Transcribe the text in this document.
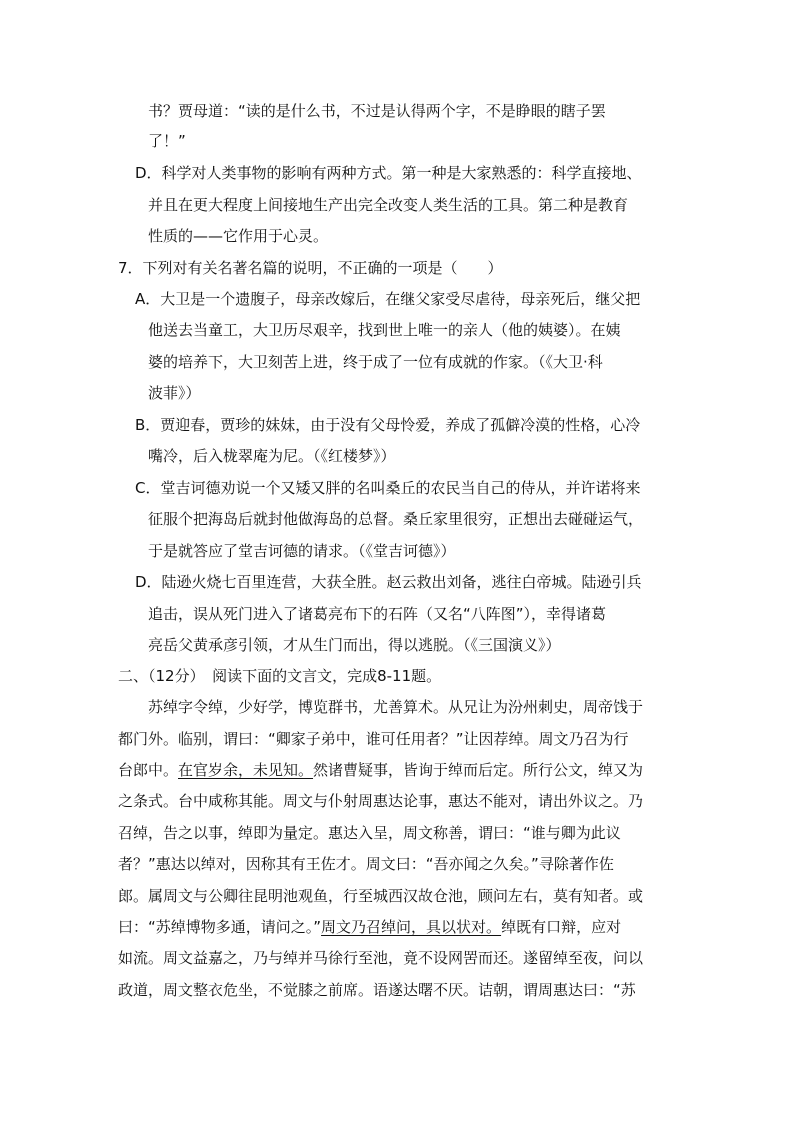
书？贾母道：“读的是什么书，不过是认得两个字，不是睁眼的瞎子罢
了！”
D．科学对人类事物的影响有两种方式。第一种是大家熟悉的：科学直接地、
并且在更大程度上间接地生产出完全改变人类生活的工具。第二种是教育
性质的——它作用于心灵。
7．下列对有关名著名篇的说明，不正确的一项是（　　）
A．大卫是一个遗腹子，母亲改嫁后，在继父家受尽虐待，母亲死后，继父把
他送去当童工，大卫历尽艰辛，找到世上唯一的亲人（他的姨婆）。在姨
婆的培养下，大卫刻苦上进，终于成了一位有成就的作家。（《大卫·科
波菲》）
B．贾迎春，贾珍的妹妹，由于没有父母怜爱，养成了孤僻冷漠的性格，心冷
嘴冷，后入栊翠庵为尼。（《红楼梦》）
C．堂吉诃德劝说一个又矮又胖的名叫桑丘的农民当自己的侍从，并许诺将来
征服个把海岛后就封他做海岛的总督。桑丘家里很穷，正想出去碰碰运气，
于是就答应了堂吉诃德的请求。（《堂吉诃德》）
D．陆逊火烧七百里连营，大获全胜。赵云救出刘备，逃往白帝城。陆逊引兵
追击，误从死门进入了诸葛亮布下的石阵（又名“八阵图”），幸得诸葛
亮岳父黄承彦引领，才从生门而出，得以逃脱。（《三国演义》）
二、（12分）　阅读下面的文言文，完成8-11题。
苏绰字令绰，少好学，博览群书，尤善算术。从兄让为汾州刺史，周帝饯于
都门外。临别，谓曰：“卿家子弟中，谁可任用者？”让因荐绰。周文乃召为行
台郎中。在官岁余，未见知。然诸曹疑事，皆询于绰而后定。所行公文，绰又为
之条式。台中咸称其能。周文与仆射周惠达论事，惠达不能对，请出外议之。乃
召绰，告之以事，绰即为量定。惠达入呈，周文称善，谓曰：“谁与卿为此议
者？”惠达以绰对，因称其有王佐才。周文曰：“吾亦闻之久矣。”寻除著作佐
郎。属周文与公卿往昆明池观鱼，行至城西汉故仓池，顾问左右，莫有知者。或
曰：“苏绰博物多通，请问之。”周文乃召绰问，具以状对。绰既有口辩，应对
如流。周文益嘉之，乃与绰并马徐行至池，竟不设网罟而还。遂留绰至夜，问以
政道，周文整衣危坐，不觉膝之前席。语遂达曙不厌。诘朝，谓周惠达曰：“苏
